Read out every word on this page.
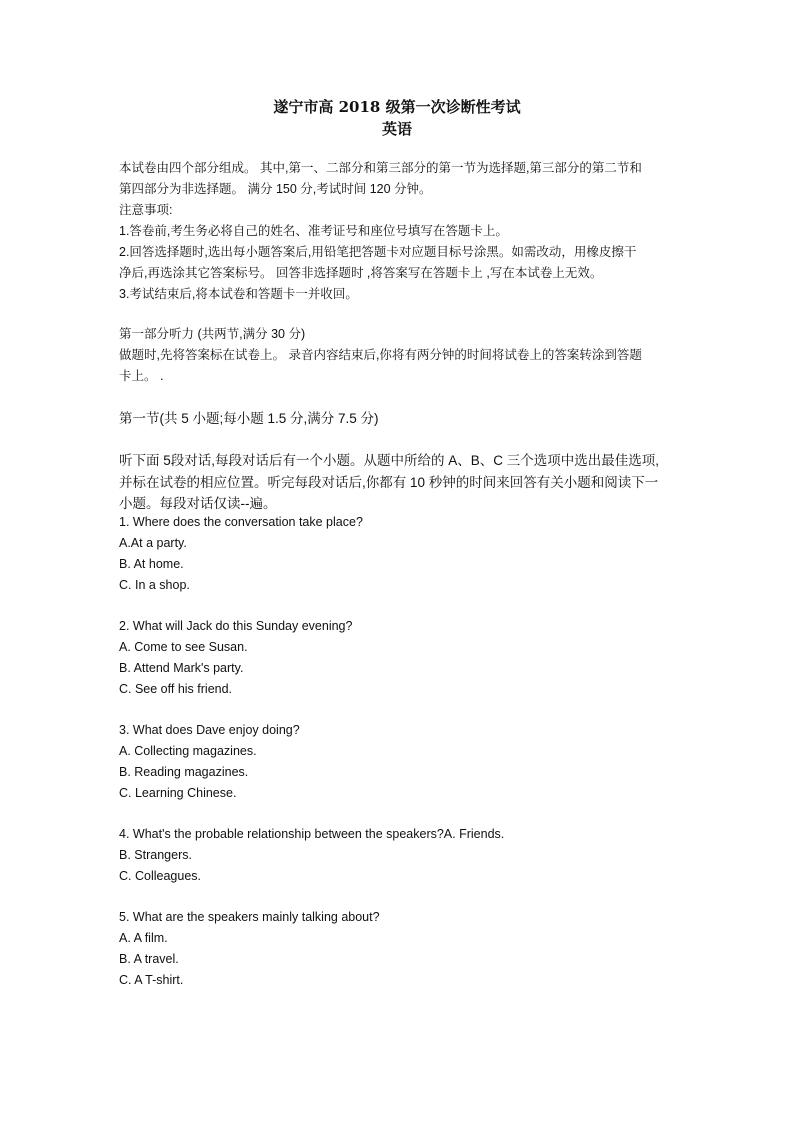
遂宁市高 2018 级第一次诊断性考试
英语
本试卷由四个部分组成。 其中,第一、二部分和第三部分的第一节为选择题,第三部分的第二节和
第四部分为非选择题。 满分 150 分,考试时间 120 分钟。
注意事项:
1.答卷前,考生务必将自己的姓名、准考证号和座位号填写在答题卡上。
2.回答选择题时,选出每小题答案后,用铅笔把答题卡对应题目标号涂黑。如需改动，用橡皮擦干
净后,再选涂其它答案标号。 回答非选择题时 ,将答案写在答题卡上 ,写在本试卷上无效。
3.考试结束后,将本试卷和答题卡一并收回。
第一部分听力 (共两节,满分 30 分)
做题时,先将答案标在试卷上。 录音内容结束后,你将有两分钟的时间将试卷上的答案转涂到答题
卡上。 .
第一节(共 5 小题;每小题 1.5 分,满分 7.5 分)
听下面 5段对话,每段对话后有一个小题。从题中所给的 A、B、C 三个选项中选出最佳选项,
并标在试卷的相应位置。听完每段对话后,你都有 10 秒钟的时间来回答有关小题和阅读下一
小题。每段对话仅读--遍。
1. Where does the conversation take place?
A.At a party.
B. At home.
C. In a shop.
2. What will Jack do this Sunday evening?
A. Come to see Susan.
B. Attend Mark's party.
C. See off his friend.
3. What does Dave enjoy doing?
A. Collecting magazines.
B. Reading magazines.
C. Learning Chinese.
4. What's the probable relationship between the speakers?A. Friends.
B. Strangers.
C. Colleagues.
5. What are the speakers mainly talking about?
A. A film.
B. A travel.
C. A T-shirt.
